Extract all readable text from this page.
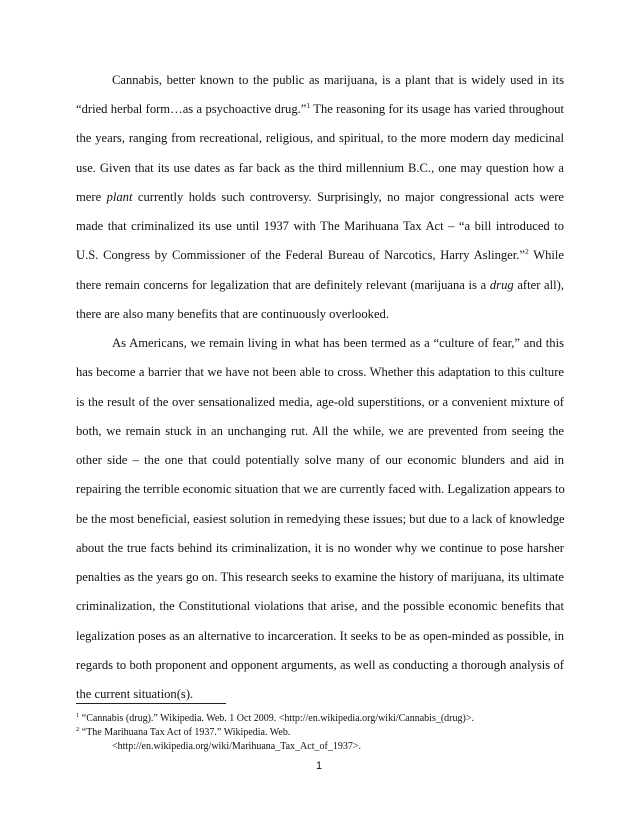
Cannabis, better known to the public as marijuana, is a plant that is widely used in its
“dried herbal form…as a psychoactive drug.”$^1$ The reasoning for its usage has varied throughout
the years, ranging from recreational, religious, and spiritual, to the more modern day medicinal
use. Given that its use dates as far back as the third millennium B.C., one may question how a
mere plant currently holds such controversy. Surprisingly, no major congressional acts were
made that criminalized its use until 1937 with The Marihuana Tax Act – “a bill introduced to
U.S. Congress by Commissioner of the Federal Bureau of Narcotics, Harry Aslinger.”$^2$ While
there remain concerns for legalization that are definitely relevant (marijuana is a drug after all),
there are also many benefits that are continuously overlooked.
As Americans, we remain living in what has been termed as a “culture of fear,” and this
has become a barrier that we have not been able to cross. Whether this adaptation to this culture
is the result of the over sensationalized media, age-old superstitions, or a convenient mixture of
both, we remain stuck in an unchanging rut. All the while, we are prevented from seeing the
other side – the one that could potentially solve many of our economic blunders and aid in
repairing the terrible economic situation that we are currently faced with. Legalization appears to
be the most beneficial, easiest solution in remedying these issues; but due to a lack of knowledge
about the true facts behind its criminalization, it is no wonder why we continue to pose harsher
penalties as the years go on. This research seeks to examine the history of marijuana, its ultimate
criminalization, the Constitutional violations that arise, and the possible economic benefits that
legalization poses as an alternative to incarceration. It seeks to be as open-minded as possible, in
regards to both proponent and opponent arguments, as well as conducting a thorough analysis of
the current situation(s).
$^1$ “Cannabis (drug).” Wikipedia. Web. 1 Oct 2009. <http://en.wikipedia.org/wiki/Cannabis_(drug)>.
$^2$ “The Marihuana Tax Act of 1937.” Wikipedia. Web.
<http://en.wikipedia.org/wiki/Marihuana_Tax_Act_of_1937>.
1
